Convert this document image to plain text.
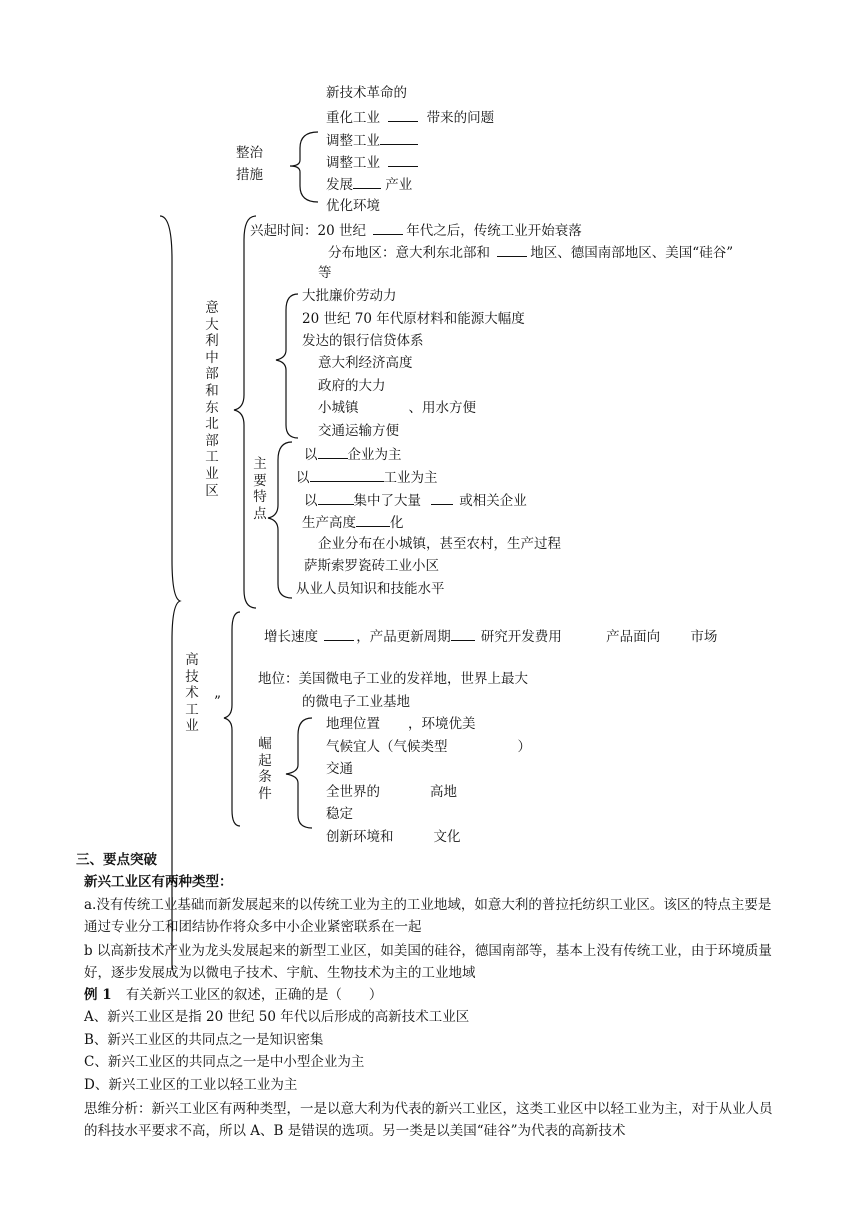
新技术革命的
重化工业	带来的问题
整治
措施
调整工业
调整工业
发展 产业
优化环境
意大利中部和东北部工业区
兴起时间：20 世纪	年代之后，传统工业开始衰落
分布地区：意大利东北部和	地区、德国南部地区、美国“硅谷”
等
大批廉价劳动力
20 世纪 70 年代原材料和能源大幅度
发达的银行信贷体系
意大利经济高度
政府的大力
小城镇	、用水方便
交通运输方便
主要特点
以 企业为主
以	工业为主
以	集中了大量	或相关企业
生产高度	化
企业分布在小城镇，甚至农村，生产过程
萨斯索罗瓷砖工业小区
从业人员知识和技能水平
高技术工业
”
增长速度	，产品更新周期 研究开发费用	产品面向 市场
地位：美国微电子工业的发祥地，世界上最大
的微电子工业基地
崛起条件
地理位置 ，环境优美
气候宜人（气候类型	）
交通
全世界的	高地
稳定
创新环境和	文化
三、要点突破
新兴工业区有两种类型：
a.没有传统工业基础而新发展起来的以传统工业为主的工业地域，如意大利的普拉托纺织工业区。该区的特点主要是通过专业分工和团结协作将众多中小企业紧密联系在一起
b 以高新技术产业为龙头发展起来的新型工业区，如美国的硅谷，德国南部等，基本上没有传统工业，由于环境质量好，逐步发展成为以微电子技术、宇航、生物技术为主的工业地域
例 1 有关新兴工业区的叙述，正确的是（　　）
A、新兴工业区是指 20 世纪 50 年代以后形成的高新技术工业区
B、新兴工业区的共同点之一是知识密集
C、新兴工业区的共同点之一是中小型企业为主
D、新兴工业区的工业以轻工业为主
思维分析：新兴工业区有两种类型，一是以意大利为代表的新兴工业区，这类工业区中以轻工业为主，对于从业人员的科技水平要求不高，所以 A、B 是错误的选项。另一类是以美国“硅谷”为代表的高新技术
